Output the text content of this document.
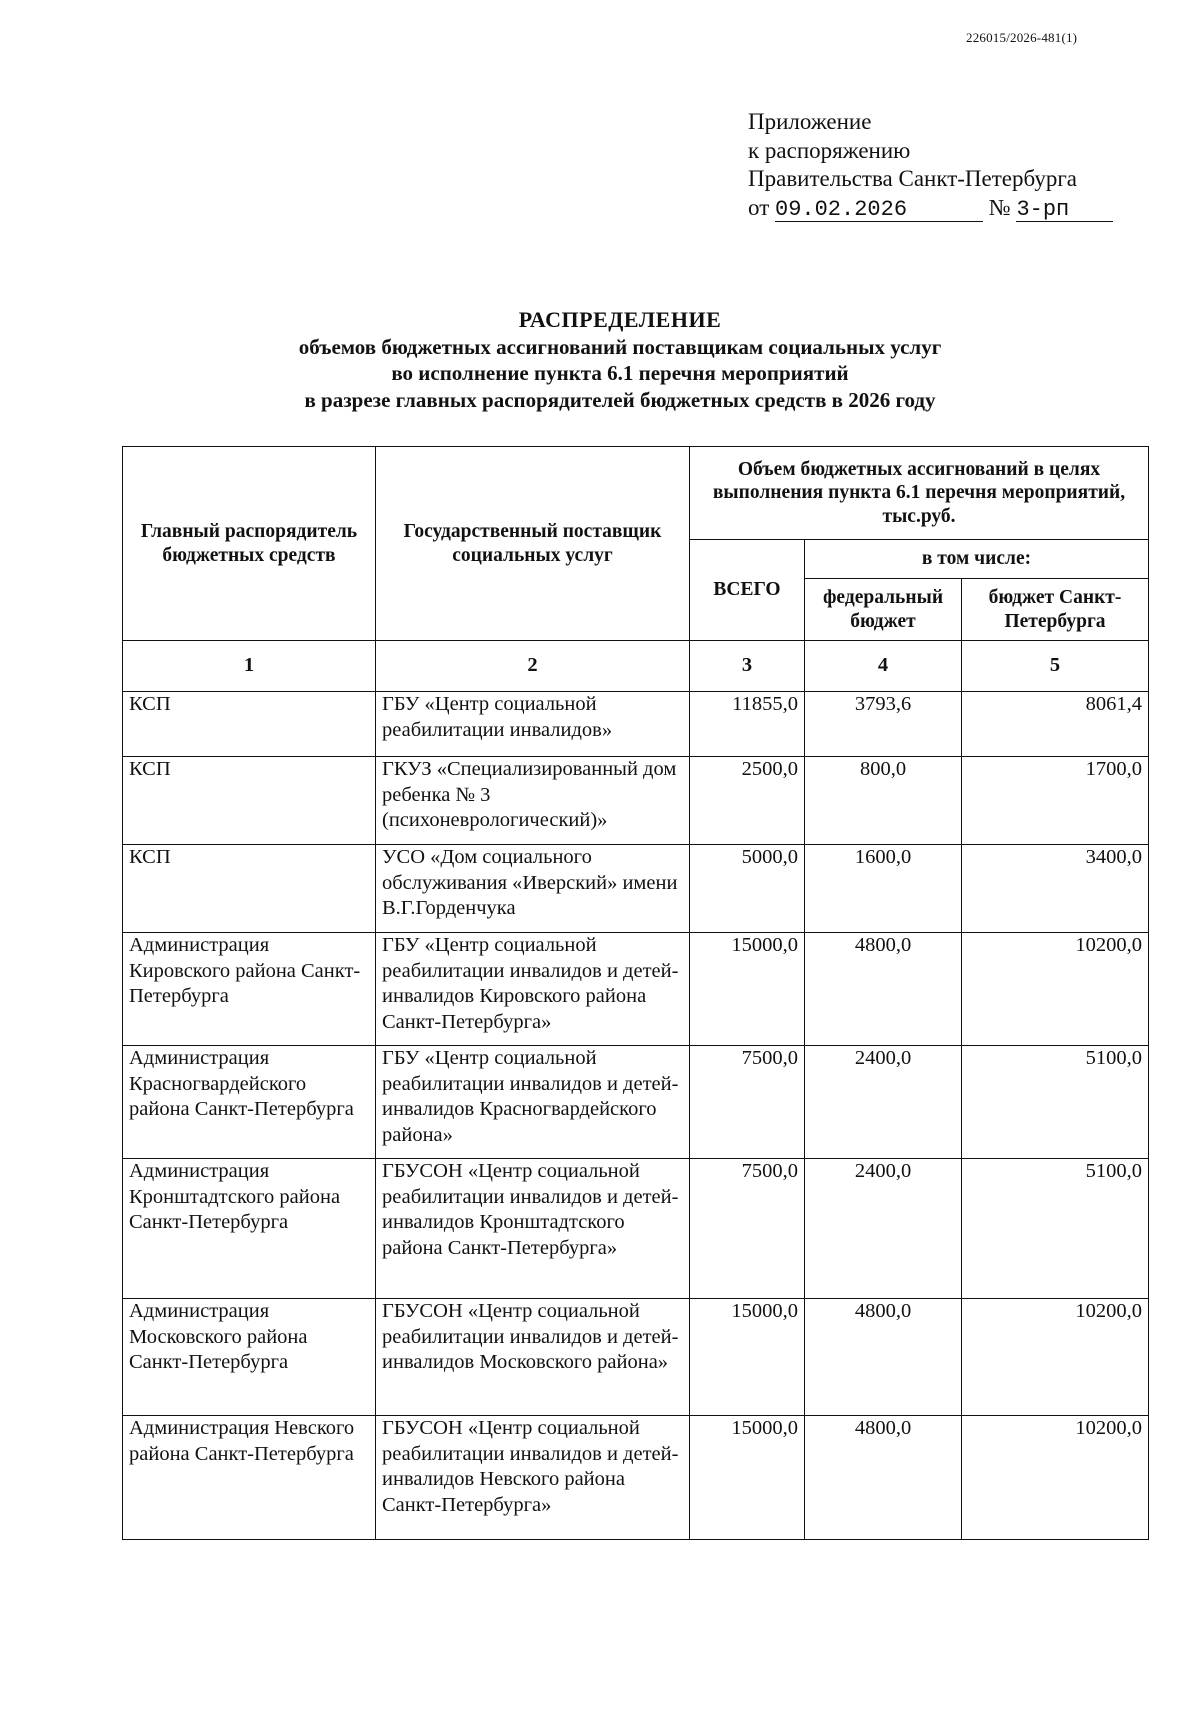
226015/2026-481(1)
Приложение
к распоряжению
Правительства Санкт-Петербурга
от 09.02.2026	№ 3-рп
РАСПРЕДЕЛЕНИЕ
объемов бюджетных ассигнований поставщикам социальных услуг
во исполнение пункта 6.1 перечня мероприятий
в разрезе главных распорядителей бюджетных средств в 2026 году
Главный распорядитель бюджетных средств	Государственный поставщик социальных услуг	Объем бюджетных ассигнований в целях выполнения пункта 6.1 перечня мероприятий, тыс.руб.		
		ВСЕГО	в том числе:	
			федеральный бюджет	бюджет Санкт-Петербурга
1	2	3	4	5
КСП	ГБУ «Центр социальной реабилитации инвалидов»	11855,0	3793,6	8061,4
КСП	ГКУЗ «Специализированный дом ребенка № 3 (психоневрологический)»	2500,0	800,0	1700,0
КСП	УСО «Дом социального обслуживания «Иверский» имени В.Г.Горденчука	5000,0	1600,0	3400,0
Администрация Кировского района Санкт-Петербурга	ГБУ «Центр социальной реабилитации инвалидов и детей-инвалидов Кировского района Санкт-Петербурга»	15000,0	4800,0	10200,0
Администрация Красногвардейского района Санкт-Петербурга	ГБУ «Центр социальной реабилитации инвалидов и детей-инвалидов Красногвардейского района»	7500,0	2400,0	5100,0
Администрация Кронштадтского района Санкт-Петербурга	ГБУСОН «Центр социальной реабилитации инвалидов и детей-инвалидов Кронштадтского района Санкт-Петербурга»	7500,0	2400,0	5100,0
Администрация Московского района Санкт-Петербурга	ГБУСОН «Центр социальной реабилитации инвалидов и детей-инвалидов Московского района»	15000,0	4800,0	10200,0
Администрация Невского района Санкт-Петербурга	ГБУСОН «Центр социальной реабилитации инвалидов и детей-инвалидов Невского района Санкт-Петербурга»	15000,0	4800,0	10200,0
